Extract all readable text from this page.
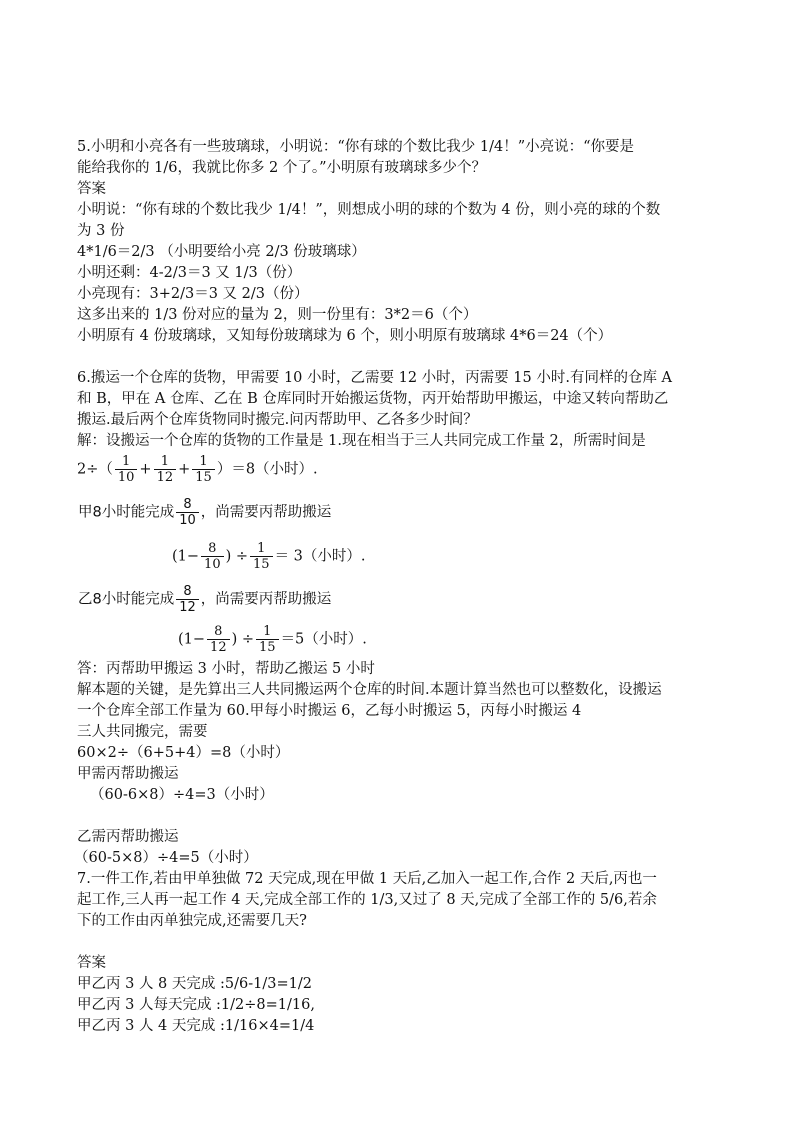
5.小明和小亮各有一些玻璃球，小明说：“你有球的个数比我少 1/4！”小亮说：“你要是
能给我你的 1/6，我就比你多 2 个了。”小明原有玻璃球多少个？
答案
小明说：“你有球的个数比我少 1/4！”，则想成小明的球的个数为 4 份，则小亮的球的个数
为 3 份
4*1/6＝2/3 （小明要给小亮 2/3 份玻璃球）
小明还剩：4-2/3＝3 又 1/3（份）
小亮现有：3+2/3＝3 又 2/3（份）
这多出来的 1/3 份对应的量为 2，则一份里有：3*2＝6（个）
小明原有 4 份玻璃球，又知每份玻璃球为 6 个，则小明原有玻璃球 4*6＝24（个）
6.搬运一个仓库的货物，甲需要 10 小时，乙需要 12 小时，丙需要 15 小时.有同样的仓库 A
和 B，甲在 A 仓库、乙在 B 仓库同时开始搬运货物，丙开始帮助甲搬运，中途又转向帮助乙
搬运.最后两个仓库货物同时搬完.问丙帮助甲、乙各多少时间？
解：设搬运一个仓库的货物的工作量是 1.现在相当于三人共同完成工作量 2，所需时间是
$2\div( \frac{1}{10} + \frac{1}{12} + \frac{1}{15} )=8$（小时）.
甲8小时能完成 $\frac{8}{10}$ ，尚需要丙帮助搬运
($1- \frac{8}{10}$ ) ÷ $\frac{1}{15} = 3$（小时）.
乙8小时能完成 $\frac{8}{12}$ ，尚需要丙帮助搬运
($1- \frac{8}{12}$ ) ÷ $\frac{1}{15} =5$（小时）.
答：丙帮助甲搬运 3 小时，帮助乙搬运 5 小时
解本题的关键，是先算出三人共同搬运两个仓库的时间.本题计算当然也可以整数化，设搬运
一个仓库全部工作量为 60.甲每小时搬运 6，乙每小时搬运 5，丙每小时搬运 4
三人共同搬完，需要
60×2÷（6+5+4）=8（小时）
甲需丙帮助搬运
（60-6×8）÷4=3（小时）
乙需丙帮助搬运
（60-5×8）÷4=5（小时）
7.一件工作,若由甲单独做 72 天完成,现在甲做 1 天后,乙加入一起工作,合作 2 天后,丙也一
起工作,三人再一起工作 4 天,完成全部工作的 1/3,又过了 8 天,完成了全部工作的 5/6,若余
下的工作由丙单独完成,还需要几天?
答案
甲乙丙 3 人 8 天完成 :5/6-1/3=1/2
甲乙丙 3 人每天完成 :1/2÷8=1/16,
甲乙丙 3 人 4 天完成 :1/16×4=1/4
